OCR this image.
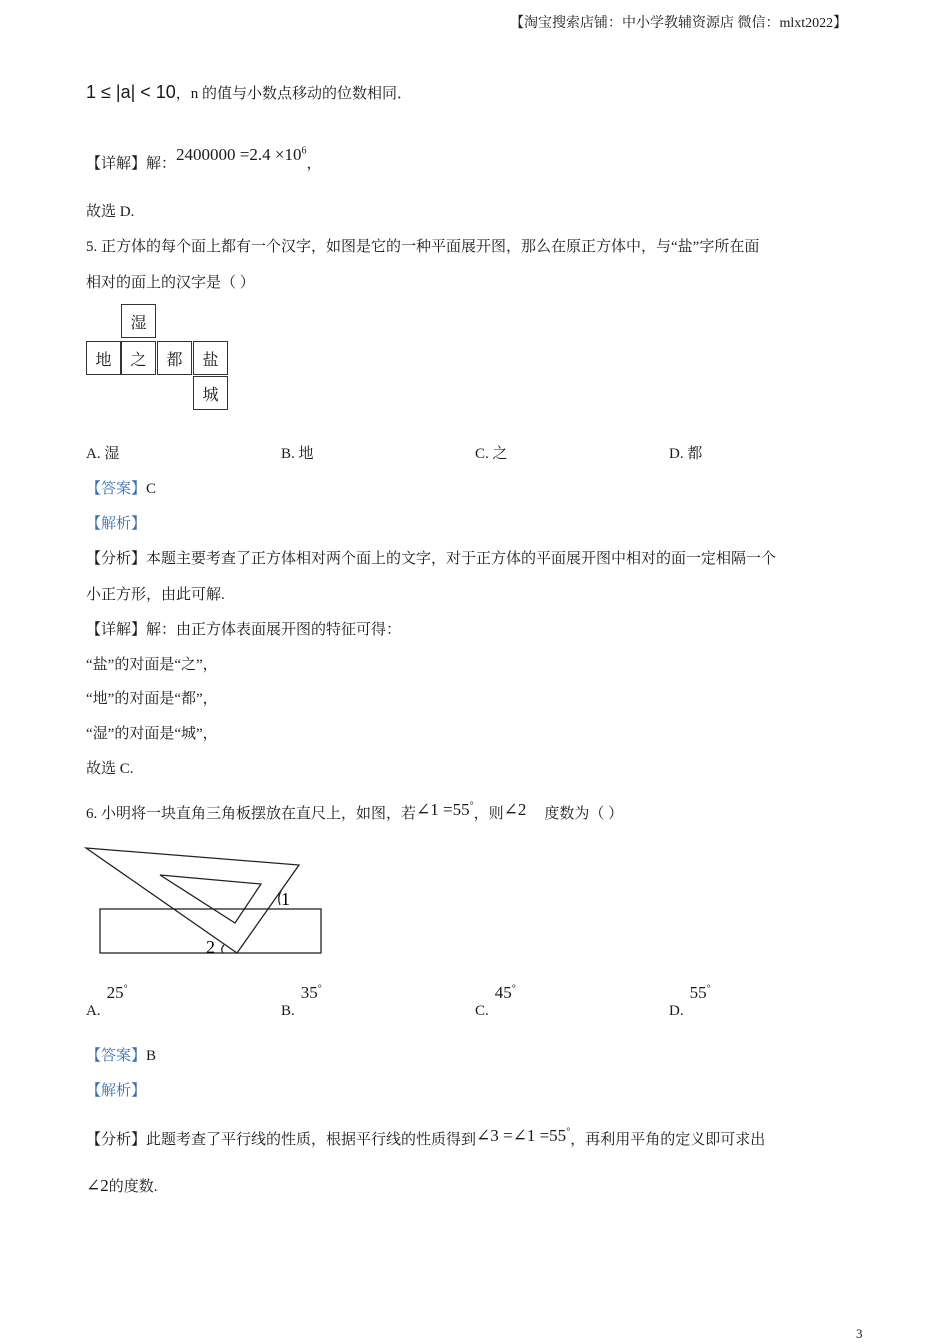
【淘宝搜索店铺：中小学教辅资源店 微信：mlxt2022】
1 ≤ |a| < 10，n 的值与小数点移动的位数相同．
【详解】解：$2400000 =2.4 \times 10^6$，
故选 D.
5. 正方体的每个面上都有一个汉字，如图是它的一种平面展开图，那么在原正方体中，与“盐”字所在面
相对的面上的汉字是（ ）
湿
地	之	都	盐
城
A. 湿	B. 地	C. 之	D. 都
【答案】C
【解析】
【分析】本题主要考查了正方体相对两个面上的文字，对于正方体的平面展开图中相对的面一定相隔一个
小正方形，由此可解.
【详解】解：由正方体表面展开图的特征可得：
“盐”的对面是“之”，
“地”的对面是“都”，
“湿”的对面是“城”，
故选 C.
6. 小明将一块直角三角板摆放在直尺上，如图，若∠1 =55°，则∠2 度数为（ ）
1
2
A.25°
B.35°
C.45°
D.55°
【答案】B
【解析】
【分析】此题考查了平行线的性质，根据平行线的性质得到∠3 =∠1 =55°，再利用平角的定义即可求出
∠2的度数.
3
